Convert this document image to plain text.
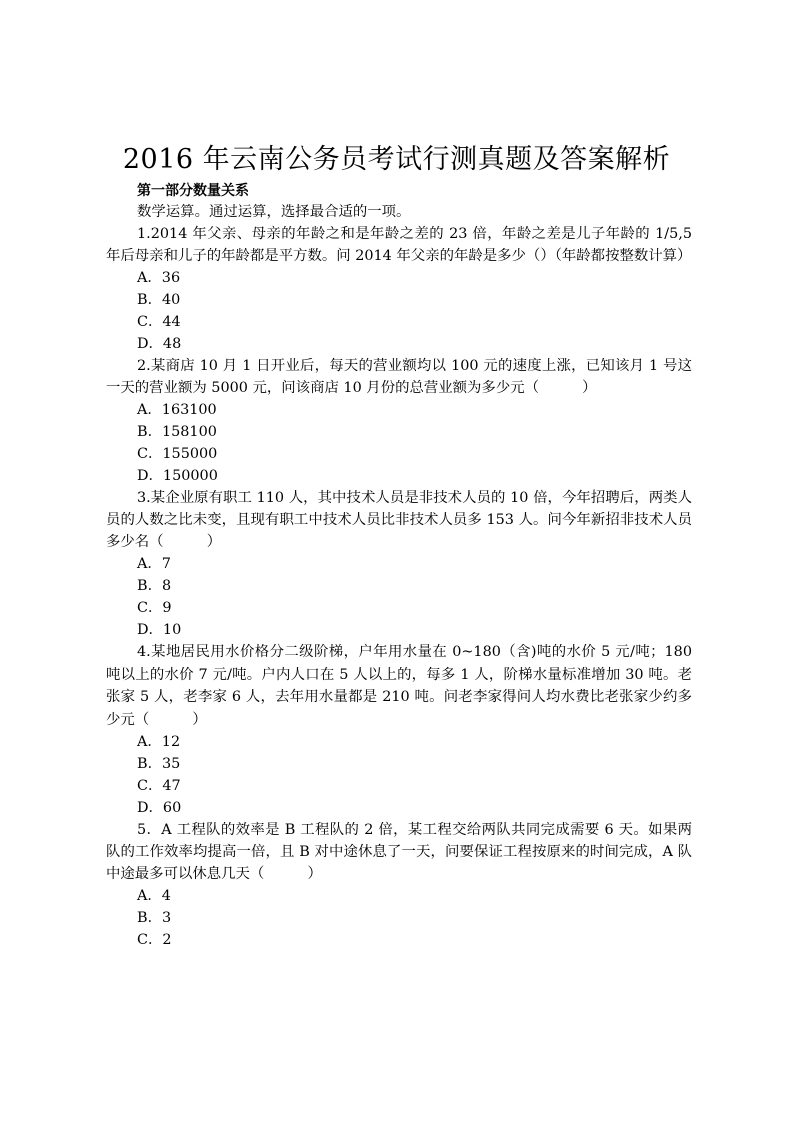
2016 年云南公务员考试行测真题及答案解析
第一部分数量关系

数学运算。通过运算，选择最合适的一项。

1.2014 年父亲、母亲的年龄之和是年龄之差的 23 倍，年龄之差是儿子年龄的 1/5,5 年后母亲和儿子的年龄都是平方数。问 2014 年父亲的年龄是多少（）（年龄都按整数计算）

A．36

B．40

C．44

D．48

2.某商店 10 月 1 日开业后，每天的营业额均以 100 元的速度上涨，已知该月 1 号这一天的营业额为 5000 元，问该商店 10 月份的总营业额为多少元（　　　）

A．163100

B．158100

C．155000

D．150000

3.某企业原有职工 110 人，其中技术人员是非技术人员的 10 倍，今年招聘后，两类人员的人数之比未变，且现有职工中技术人员比非技术人员多 153 人。问今年新招非技术人员多少名（　　　）

A．7

B．8

C．9

D．10

4.某地居民用水价格分二级阶梯，户年用水量在 0~180（含)吨的水价 5 元/吨；180 吨以上的水价 7 元/吨。户内人口在 5 人以上的，每多 1 人，阶梯水量标准增加 30 吨。老张家 5 人，老李家 6 人，去年用水量都是 210 吨。问老李家得问人均水费比老张家少约多少元（　　　）

A．12

B．35

C．47

D．60

5．A 工程队的效率是 B 工程队的 2 倍，某工程交给两队共同完成需要 6 天。如果两队的工作效率均提高一倍，且 B 对中途休息了一天，问要保证工程按原来的时间完成，A 队中途最多可以休息几天（　　　）

A．4

B．3

C．2
